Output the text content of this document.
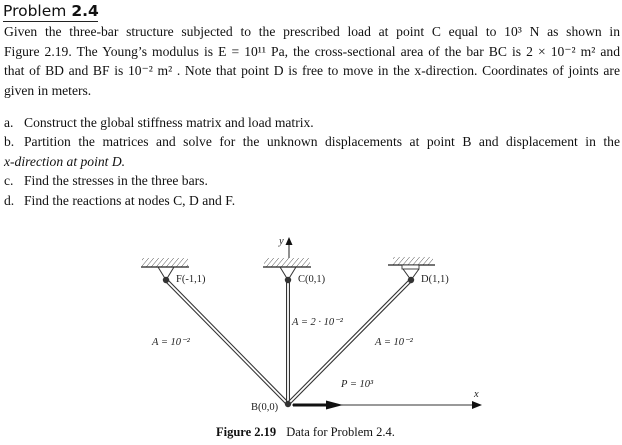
Problem 2.4
Given the three-bar structure subjected to the prescribed load at point C equal to 10³ N as shown in
Figure 2.19. The Young’s modulus is E = 10¹¹ Pa, the cross-sectional area of the bar BC is 2 × 10⁻² m² and
that of BD and BF is 10⁻² m² . Note that point D is free to move in the x-direction. Coordinates of joints are
given in meters.
a. Construct the global stiffness matrix and load matrix.
b. Partition the matrices and solve for the unknown displacements at point B and displacement in the
x-direction at point D.
c. Find the stresses in the three bars.
d. Find the reactions at nodes C, D and F.
F(-1,1)	C(0,1)	D(1,1)
B(0,0)
y
x
A = 2 · 10⁻²
A = 10⁻²	A = 10⁻²
P = 10³
Figure 2.19 Data for Problem 2.4.
